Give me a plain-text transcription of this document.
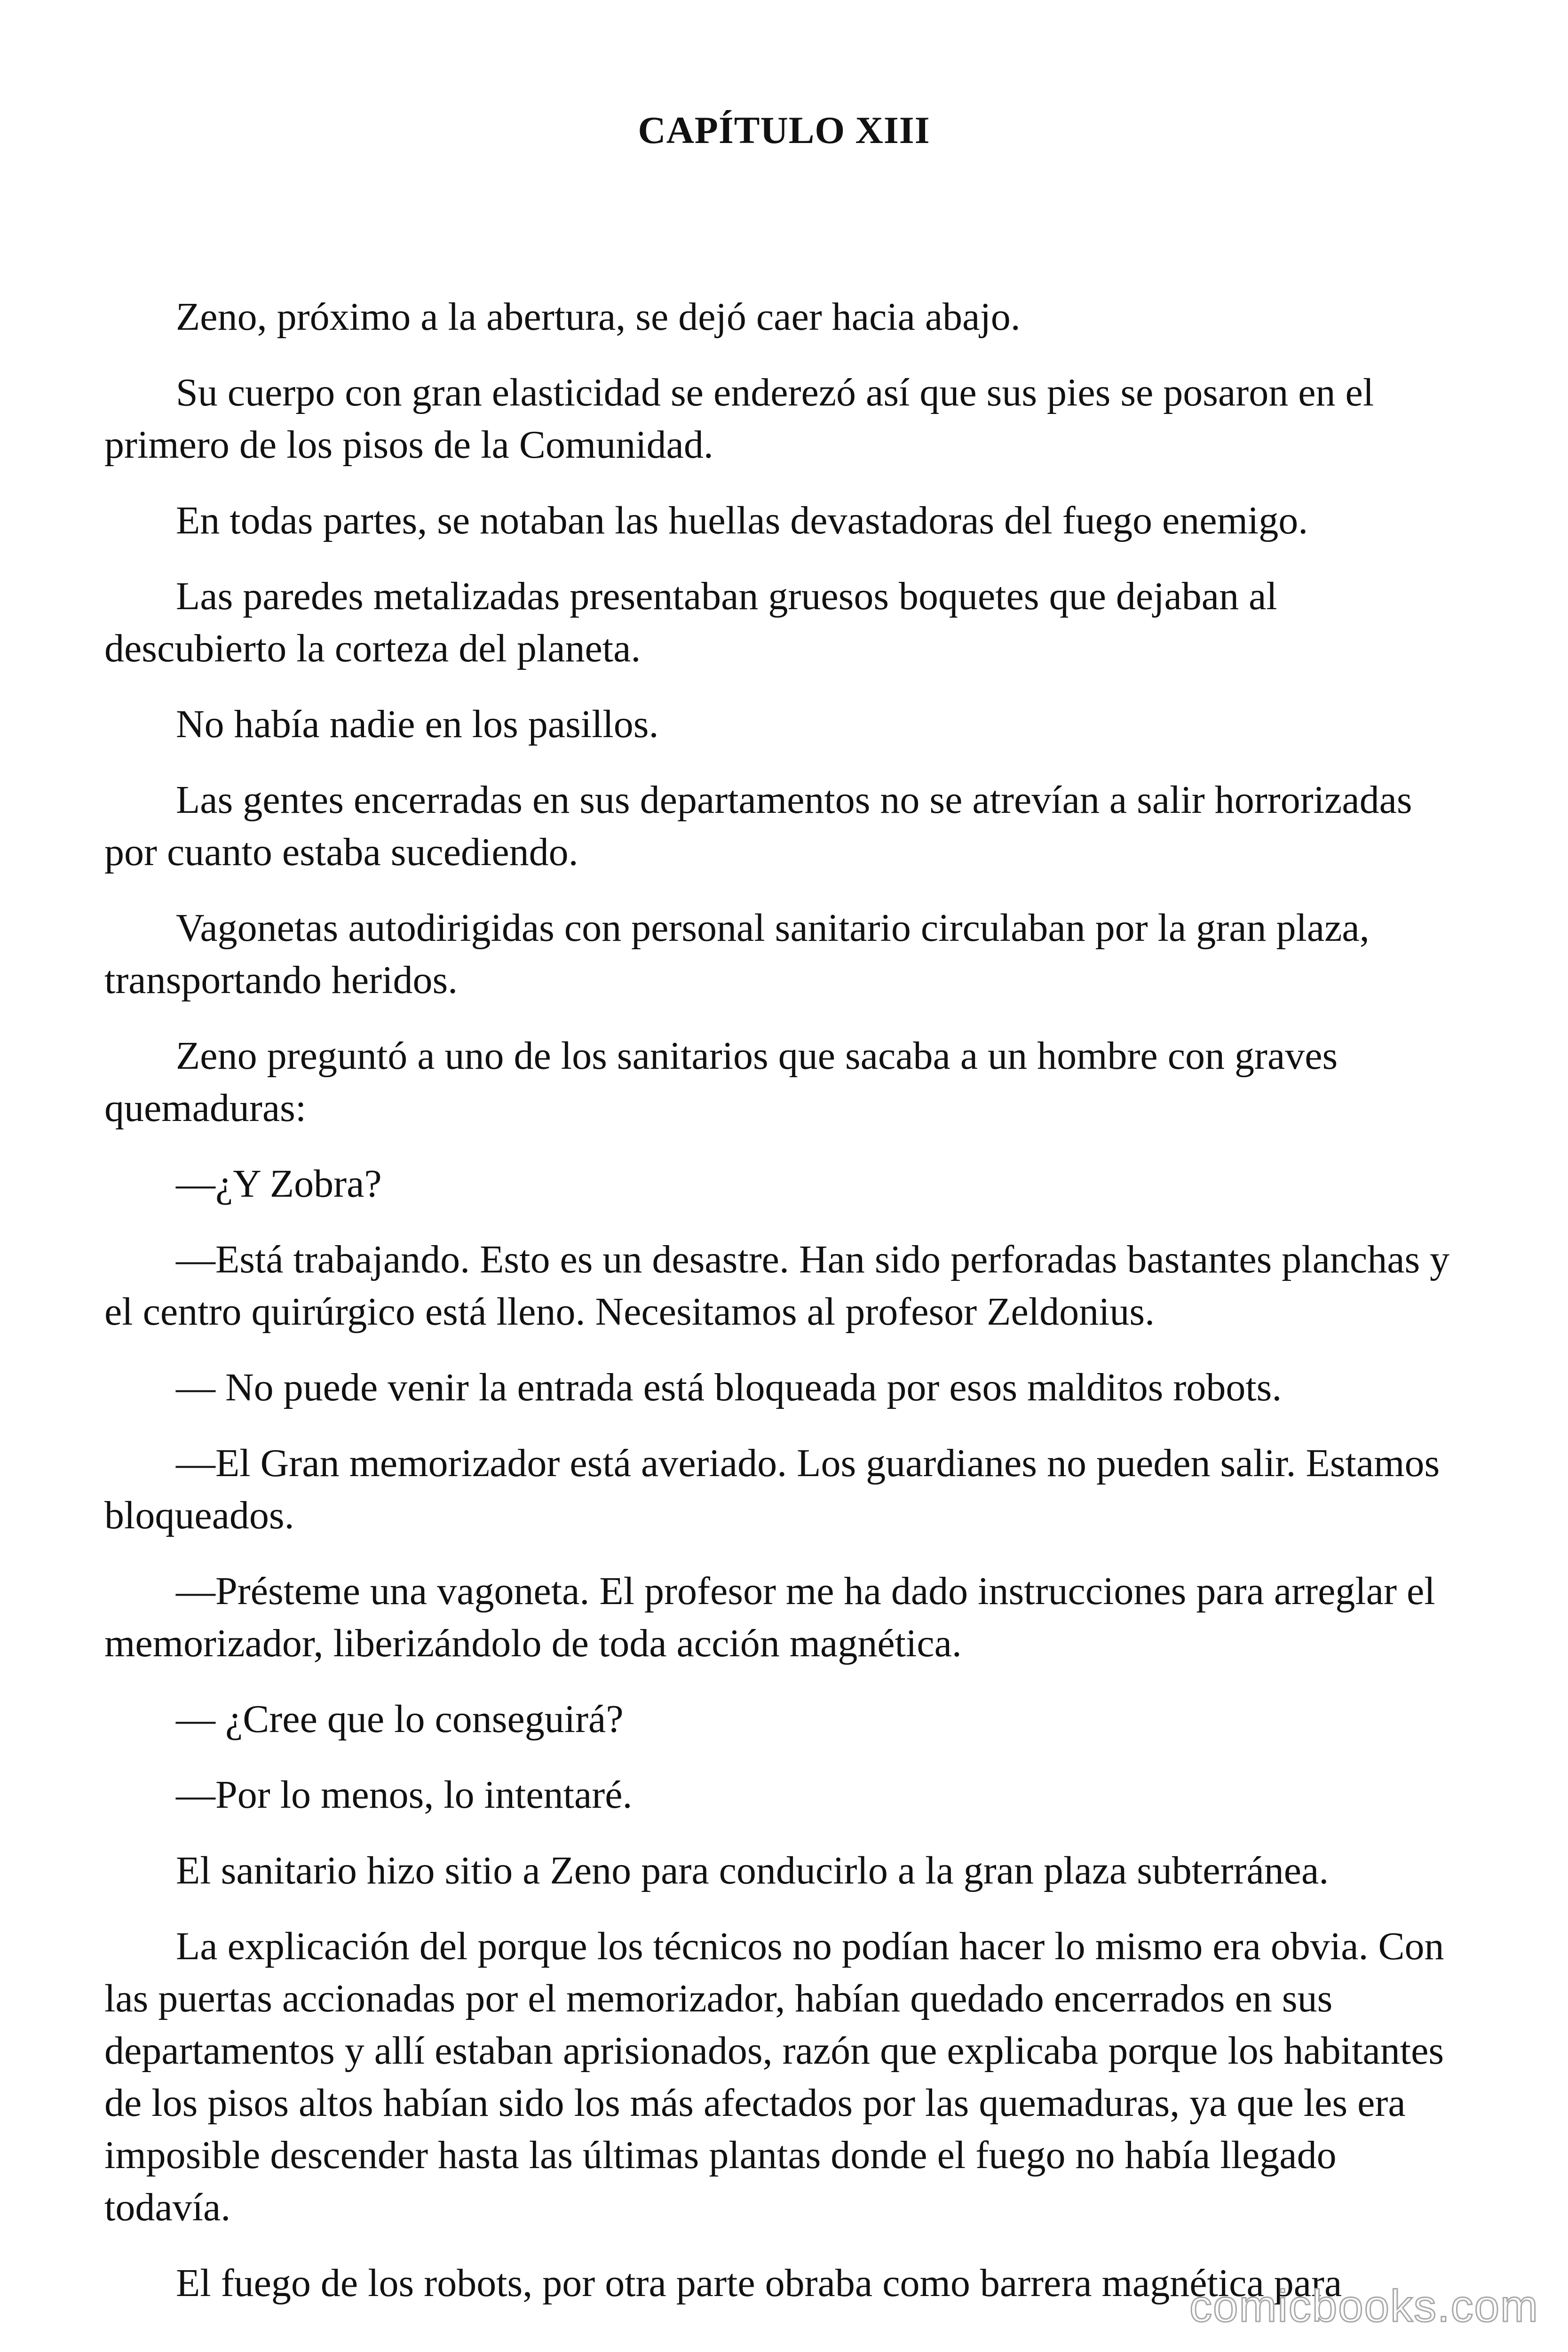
CAPÍTULO XIII

Zeno, próximo a la abertura, se dejó caer hacia abajo.

Su cuerpo con gran elasticidad se enderezó así que sus pies se posaron en el primero de los pisos de la Comunidad.

En todas partes, se notaban las huellas devastadoras del fuego enemigo.

Las paredes metalizadas presentaban gruesos boquetes que dejaban al descubierto la corteza del planeta.

No había nadie en los pasillos.

Las gentes encerradas en sus departamentos no se atrevían a salir horrorizadas por cuanto estaba sucediendo.

Vagonetas autodirigidas con personal sanitario circulaban por la gran plaza, transportando heridos.

Zeno preguntó a uno de los sanitarios que sacaba a un hombre con graves quemaduras:

—¿Y Zobra?

—Está trabajando. Esto es un desastre. Han sido perforadas bastantes planchas y el centro quirúrgico está lleno. Necesitamos al profesor Zeldonius.

— No puede venir la entrada está bloqueada por esos malditos robots.

—El Gran memorizador está averiado. Los guardianes no pueden salir. Estamos bloqueados.

—Présteme una vagoneta. El profesor me ha dado instrucciones para arreglar el memorizador, liberizándolo de toda acción magnética.

— ¿Cree que lo conseguirá?

—Por lo menos, lo intentaré.

El sanitario hizo sitio a Zeno para conducirlo a la gran plaza subterránea.

La explicación del porque los técnicos no podían hacer lo mismo era obvia. Con las puertas accionadas por el memorizador, habían quedado encerrados en sus departamentos y allí estaban aprisionados, razón que explicaba porque los habitantes de los pisos altos habían sido los más afectados por las quemaduras, ya que les era imposible descender hasta las últimas plantas donde el fuego no había llegado todavía.

El fuego de los robots, por otra parte obraba como barrera magnética para

comicbooks.com
